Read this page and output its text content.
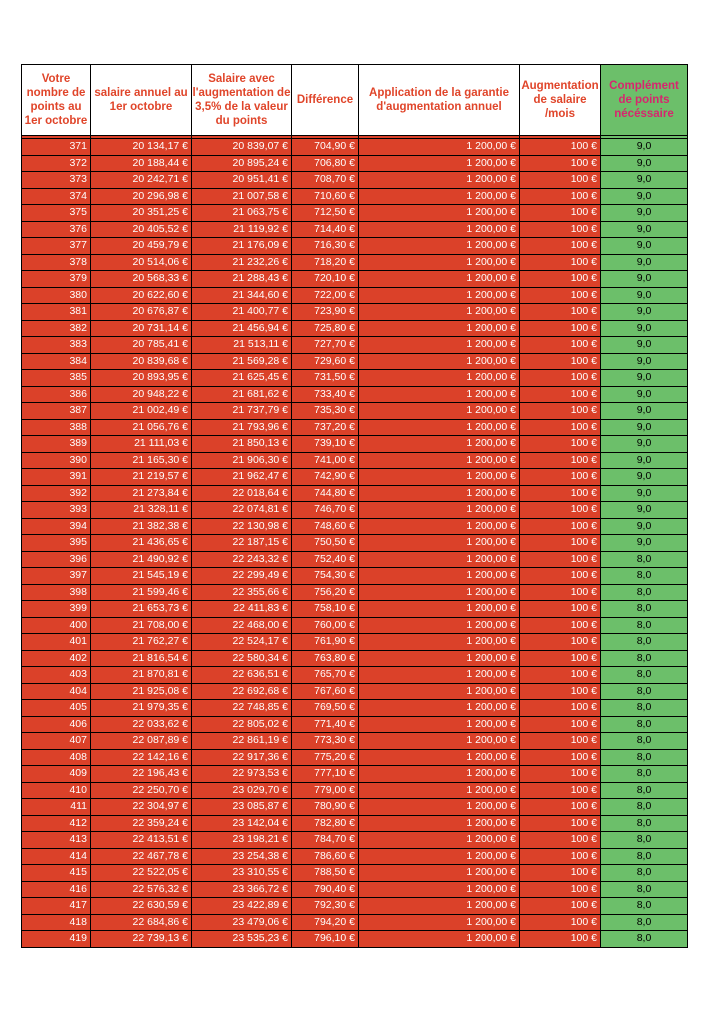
Votre nombre de points au 1er octobre	salaire annuel au 1er octobre	Salaire avec l'augmentation de 3,5% de la valeur du points	Différence	Application de la garantie d'augmentation annuel	Augmentation de salaire /mois	Complément de points nécéssaire

371	20 134,17 €	20 839,07 €	704,90 €	1 200,00 €	100 €	9,0
372	20 188,44 €	20 895,24 €	706,80 €	1 200,00 €	100 €	9,0
373	20 242,71 €	20 951,41 €	708,70 €	1 200,00 €	100 €	9,0
374	20 296,98 €	21 007,58 €	710,60 €	1 200,00 €	100 €	9,0
375	20 351,25 €	21 063,75 €	712,50 €	1 200,00 €	100 €	9,0
376	20 405,52 €	21 119,92 €	714,40 €	1 200,00 €	100 €	9,0
377	20 459,79 €	21 176,09 €	716,30 €	1 200,00 €	100 €	9,0
378	20 514,06 €	21 232,26 €	718,20 €	1 200,00 €	100 €	9,0
379	20 568,33 €	21 288,43 €	720,10 €	1 200,00 €	100 €	9,0
380	20 622,60 €	21 344,60 €	722,00 €	1 200,00 €	100 €	9,0
381	20 676,87 €	21 400,77 €	723,90 €	1 200,00 €	100 €	9,0
382	20 731,14 €	21 456,94 €	725,80 €	1 200,00 €	100 €	9,0
383	20 785,41 €	21 513,11 €	727,70 €	1 200,00 €	100 €	9,0
384	20 839,68 €	21 569,28 €	729,60 €	1 200,00 €	100 €	9,0
385	20 893,95 €	21 625,45 €	731,50 €	1 200,00 €	100 €	9,0
386	20 948,22 €	21 681,62 €	733,40 €	1 200,00 €	100 €	9,0
387	21 002,49 €	21 737,79 €	735,30 €	1 200,00 €	100 €	9,0
388	21 056,76 €	21 793,96 €	737,20 €	1 200,00 €	100 €	9,0
389	21 111,03 €	21 850,13 €	739,10 €	1 200,00 €	100 €	9,0
390	21 165,30 €	21 906,30 €	741,00 €	1 200,00 €	100 €	9,0
391	21 219,57 €	21 962,47 €	742,90 €	1 200,00 €	100 €	9,0
392	21 273,84 €	22 018,64 €	744,80 €	1 200,00 €	100 €	9,0
393	21 328,11 €	22 074,81 €	746,70 €	1 200,00 €	100 €	9,0
394	21 382,38 €	22 130,98 €	748,60 €	1 200,00 €	100 €	9,0
395	21 436,65 €	22 187,15 €	750,50 €	1 200,00 €	100 €	9,0
396	21 490,92 €	22 243,32 €	752,40 €	1 200,00 €	100 €	8,0
397	21 545,19 €	22 299,49 €	754,30 €	1 200,00 €	100 €	8,0
398	21 599,46 €	22 355,66 €	756,20 €	1 200,00 €	100 €	8,0
399	21 653,73 €	22 411,83 €	758,10 €	1 200,00 €	100 €	8,0
400	21 708,00 €	22 468,00 €	760,00 €	1 200,00 €	100 €	8,0
401	21 762,27 €	22 524,17 €	761,90 €	1 200,00 €	100 €	8,0
402	21 816,54 €	22 580,34 €	763,80 €	1 200,00 €	100 €	8,0
403	21 870,81 €	22 636,51 €	765,70 €	1 200,00 €	100 €	8,0
404	21 925,08 €	22 692,68 €	767,60 €	1 200,00 €	100 €	8,0
405	21 979,35 €	22 748,85 €	769,50 €	1 200,00 €	100 €	8,0
406	22 033,62 €	22 805,02 €	771,40 €	1 200,00 €	100 €	8,0
407	22 087,89 €	22 861,19 €	773,30 €	1 200,00 €	100 €	8,0
408	22 142,16 €	22 917,36 €	775,20 €	1 200,00 €	100 €	8,0
409	22 196,43 €	22 973,53 €	777,10 €	1 200,00 €	100 €	8,0
410	22 250,70 €	23 029,70 €	779,00 €	1 200,00 €	100 €	8,0
411	22 304,97 €	23 085,87 €	780,90 €	1 200,00 €	100 €	8,0
412	22 359,24 €	23 142,04 €	782,80 €	1 200,00 €	100 €	8,0
413	22 413,51 €	23 198,21 €	784,70 €	1 200,00 €	100 €	8,0
414	22 467,78 €	23 254,38 €	786,60 €	1 200,00 €	100 €	8,0
415	22 522,05 €	23 310,55 €	788,50 €	1 200,00 €	100 €	8,0
416	22 576,32 €	23 366,72 €	790,40 €	1 200,00 €	100 €	8,0
417	22 630,59 €	23 422,89 €	792,30 €	1 200,00 €	100 €	8,0
418	22 684,86 €	23 479,06 €	794,20 €	1 200,00 €	100 €	8,0
419	22 739,13 €	23 535,23 €	796,10 €	1 200,00 €	100 €	8,0
